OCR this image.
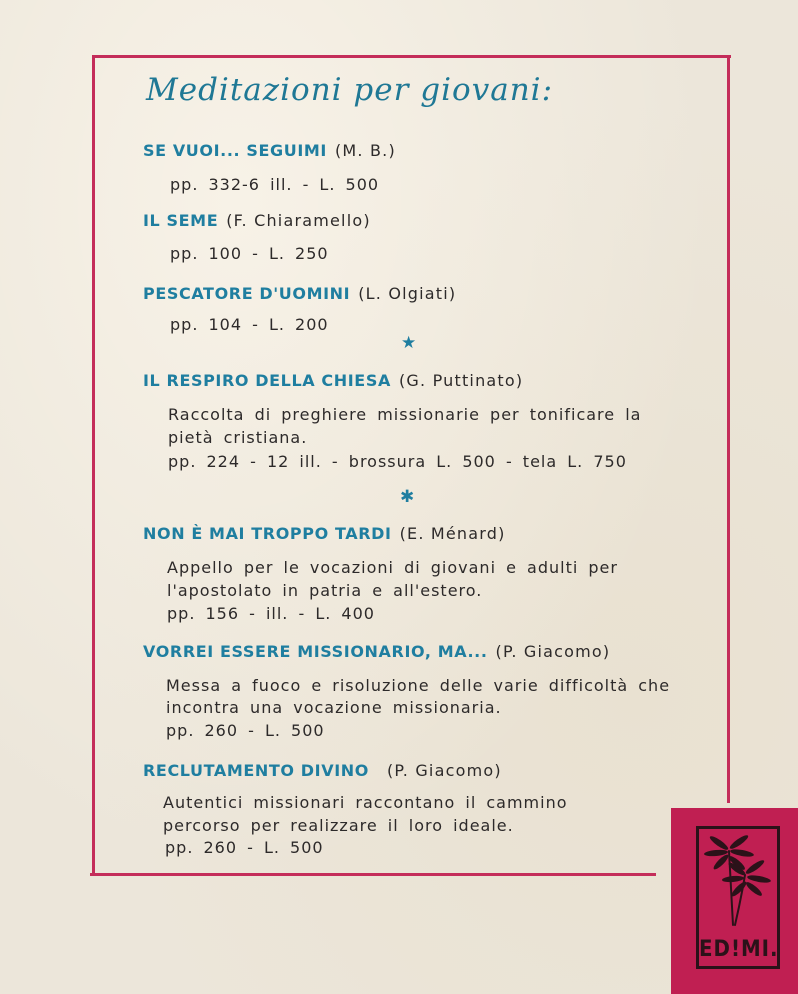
Meditazioni per giovani:
SE VUOI... SEGUIMI (M. B.)
pp. 332-6 ill. - L. 500
IL SEME (F. Chiaramello)
pp. 100 - L. 250
PESCATORE D'UOMINI (L. Olgiati)
pp. 104 - L. 200
★
IL RESPIRO DELLA CHIESA (G. Puttinato)
Raccolta di preghiere missionarie per tonificare la
pietà cristiana.
pp. 224 - 12 ill. - brossura L. 500 - tela L. 750
✱
NON È MAI TROPPO TARDI (E. Ménard)
Appello per le vocazioni di giovani e adulti per
l'apostolato in patria e all'estero.
pp. 156 - ill. - L. 400
VORREI ESSERE MISSIONARIO, MA... (P. Giacomo)
Messa a fuoco e risoluzione delle varie difficoltà che
incontra una vocazione missionaria.
pp. 260 - L. 500
RECLUTAMENTO DIVINO (P. Giacomo)
Autentici missionari raccontano il cammino
percorso per realizzare il loro ideale.
pp. 260 - L. 500
ED!MI.
